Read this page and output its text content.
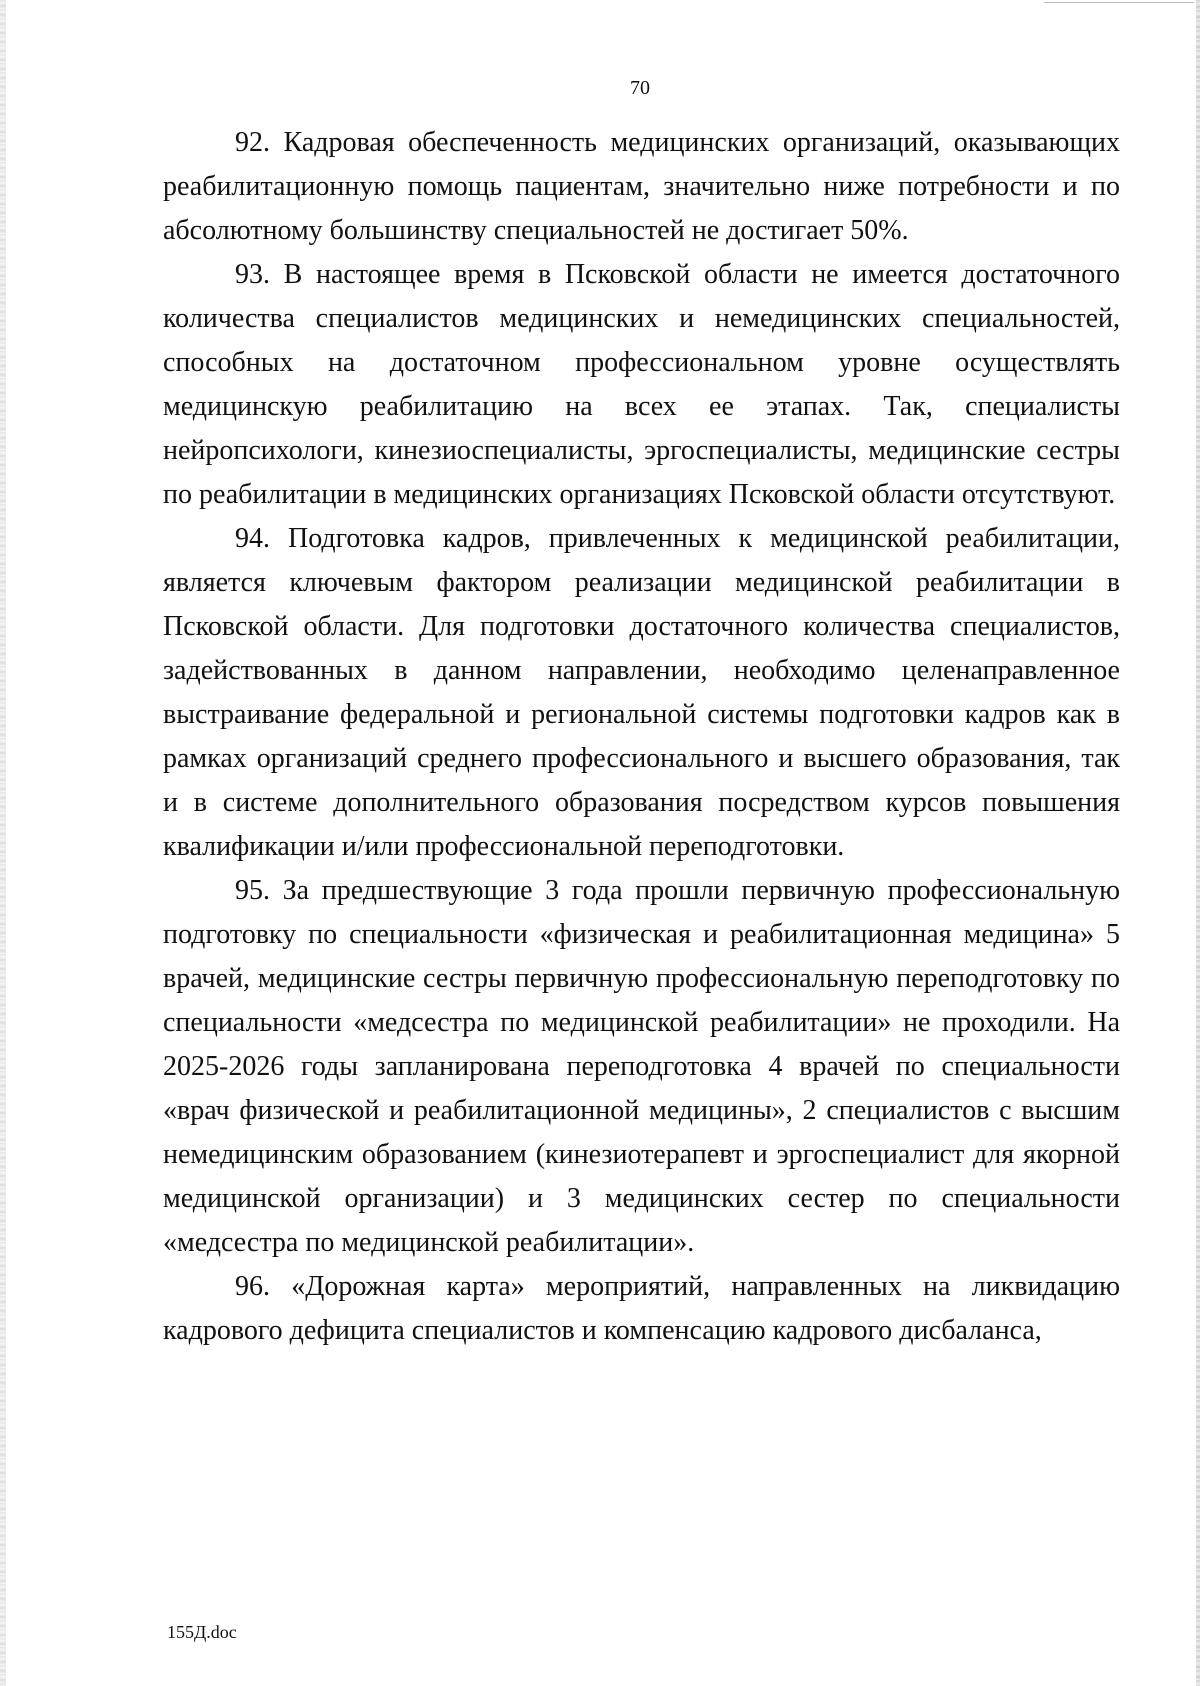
70

92. Кадровая обеспеченность медицинских организаций, оказывающих реабилитационную помощь пациентам, значительно ниже потребности и по абсолютному большинству специальностей не достигает 50%.

93. В настоящее время в Псковской области не имеется достаточного количества специалистов медицинских и немедицинских специальностей, способных на достаточном профессиональном уровне осуществлять медицинскую реабилитацию на всех ее этапах. Так, специалисты нейропсихологи, кинезиоспециалисты, эргоспециалисты, медицинские сестры по реабилитации в медицинских организациях Псковской области отсутствуют.

94. Подготовка кадров, привлеченных к медицинской реабилитации, является ключевым фактором реализации медицинской реабилитации в Псковской области. Для подготовки достаточного количества специалистов, задействованных в данном направлении, необходимо целенаправленное выстраивание федеральной и региональной системы подготовки кадров как в рамках организаций среднего профессионального и высшего образования, так и в системе дополнительного образования посредством курсов повышения квалификации и/или профессиональной переподготовки.

95. За предшествующие 3 года прошли первичную профессиональную подготовку по специальности «физическая и реабилитационная медицина» 5 врачей, медицинские сестры первичную профессиональную переподготовку по специальности «медсестра по медицинской реабилитации» не проходили. На 2025-2026 годы запланирована переподготовка 4 врачей по специальности «врач физической и реабилитационной медицины», 2 специалистов с высшим немедицинским образованием (кинезиотерапевт и эргоспециалист для якорной медицинской организации) и 3 медицинских сестер по специальности «медсестра по медицинской реабилитации».

96. «Дорожная карта» мероприятий, направленных на ликвидацию кадрового дефицита специалистов и компенсацию кадрового дисбаланса,

155Д.doc
